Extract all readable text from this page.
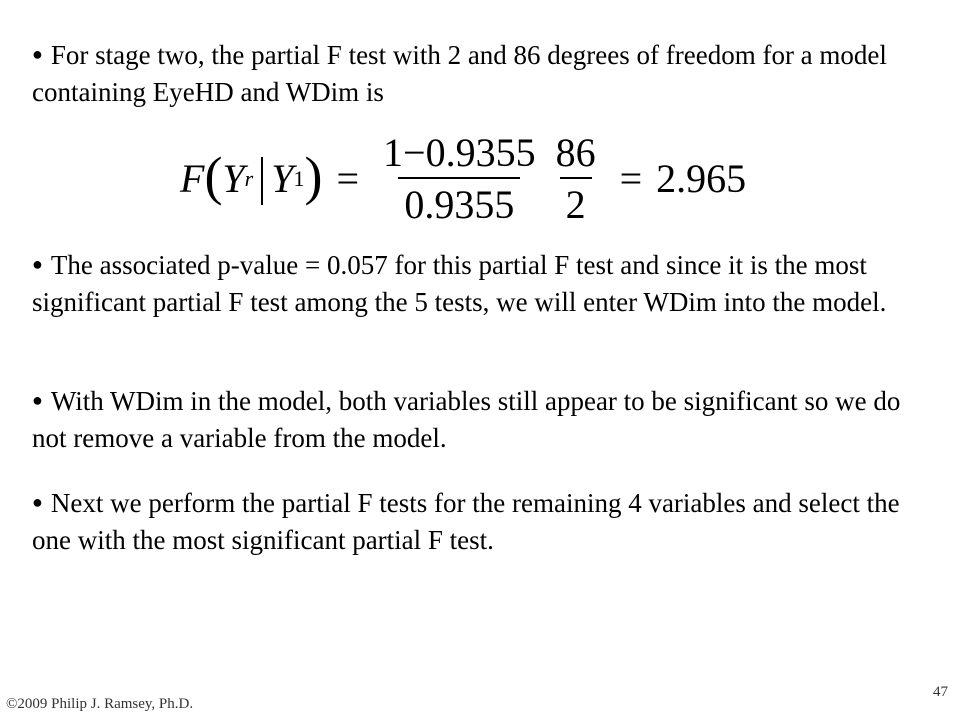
● For stage two, the partial F test with 2 and 86 degrees of freedom for a model containing EyeHD and WDim is

F ( Y r Y 1 ) = $\frac{1-0.9355}{0.9355} \frac{86}{2} = 2.965$

● The associated p-value = 0.057 for this partial F test and since it is the most significant partial F test among the 5 tests, we will enter WDim into the model.

● With WDim in the model, both variables still appear to be significant so we do not remove a variable from the model.

● Next we perform the partial F tests for the remaining 4 variables and select the one with the most significant partial F test.

©2009 Philip J. Ramsey, Ph.D.
47
